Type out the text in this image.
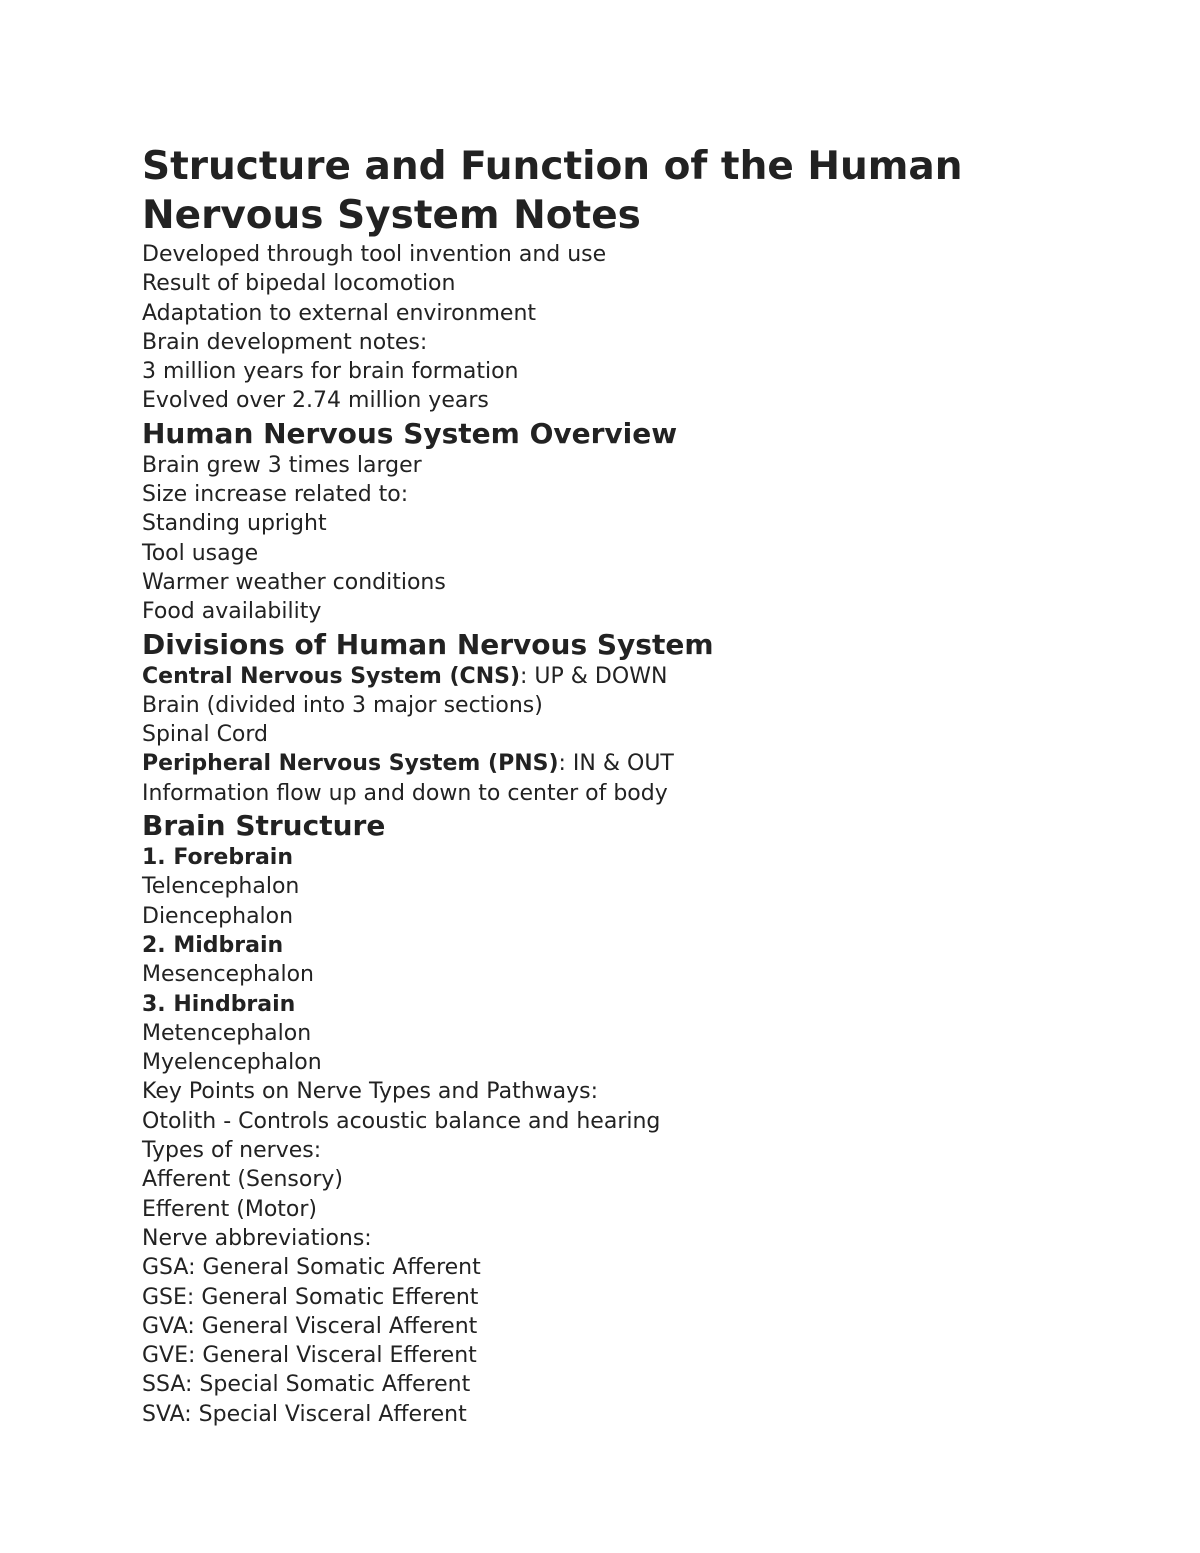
Structure and Function of the Human Nervous System Notes

Developed through tool invention and use

Result of bipedal locomotion

Adaptation to external environment

Brain development notes:

3 million years for brain formation

Evolved over 2.74 million years

Human Nervous System Overview

Brain grew 3 times larger

Size increase related to:

Standing upright

Tool usage

Warmer weather conditions

Food availability

Divisions of Human Nervous System

Central Nervous System (CNS): UP & DOWN

Brain (divided into 3 major sections)

Spinal Cord

Peripheral Nervous System (PNS): IN & OUT

Information flow up and down to center of body

Brain Structure

1. Forebrain

Telencephalon

Diencephalon

2. Midbrain

Mesencephalon

3. Hindbrain

Metencephalon

Myelencephalon

Key Points on Nerve Types and Pathways:

Otolith - Controls acoustic balance and hearing

Types of nerves:

Afferent (Sensory)

Efferent (Motor)

Nerve abbreviations:

GSA: General Somatic Afferent

GSE: General Somatic Efferent

GVA: General Visceral Afferent

GVE: General Visceral Efferent

SSA: Special Somatic Afferent

SVA: Special Visceral Afferent
